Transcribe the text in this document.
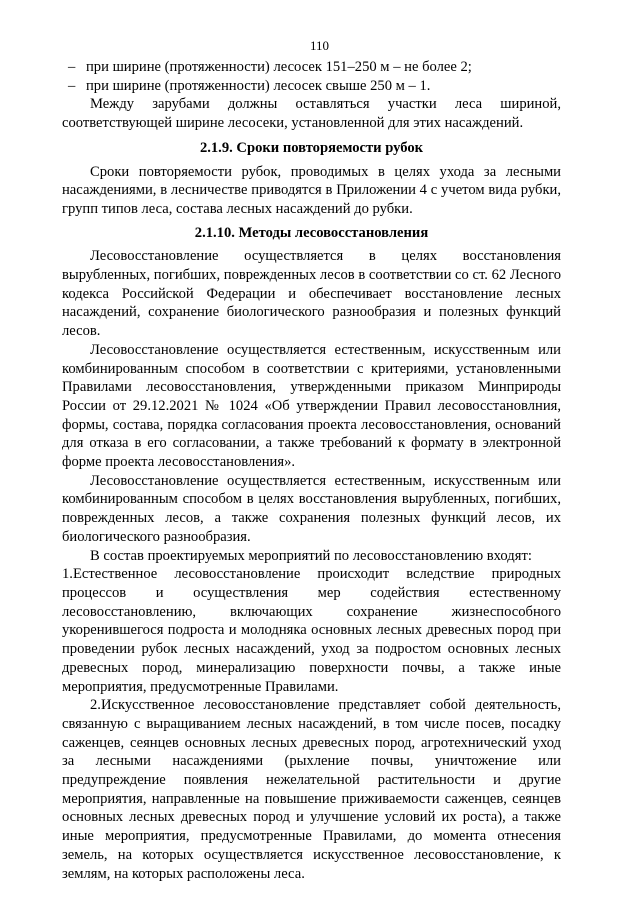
110

– при ширине (протяженности) лесосек 151–250 м – не более 2;

– при ширине (протяженности) лесосек свыше 250 м – 1.

Между зарубами должны оставляться участки леса шириной, соответствующей ширине лесосеки, установленной для этих насаждений.

2.1.9. Сроки повторяемости рубок

Сроки повторяемости рубок, проводимых в целях ухода за лесными насаждениями, в лесничестве приводятся в Приложении 4 с учетом вида рубки, групп типов леса, состава лесных насаждений до рубки.

2.1.10. Методы лесовосстановления

Лесовосстановление осуществляется в целях восстановления вырубленных, погибших, поврежденных лесов в соответствии со ст. 62 Лесного кодекса Российской Федерации и обеспечивает восстановление лесных насаждений, сохранение биологического разнообразия и полезных функций лесов.

Лесовосстановление осуществляется естественным, искусственным или комбинированным способом в соответствии с критериями, установленными Правилами лесовосстановления, утвержденными приказом Минприроды России от 29.12.2021 № 1024 «Об утверждении Правил лесовосстановлния, формы, состава, порядка согласования проекта лесовосстановления, оснований для отказа в его согласовании, а также требований к формату в электронной форме проекта лесовосстановления».

Лесовосстановление осуществляется естественным, искусственным или комбинированным способом в целях восстановления вырубленных, погибших, поврежденных лесов, а также сохранения полезных функций лесов, их биологического разнообразия.

В состав проектируемых мероприятий по лесовосстановлению входят:

1.Естественное лесовосстановление происходит вследствие природных процессов и осуществления мер содействия естественному лесовосстановлению, включающих сохранение жизнеспособного укоренившегося подроста и молодняка основных лесных древесных пород при проведении рубок лесных насаждений, уход за подростом основных лесных древесных пород, минерализацию поверхности почвы, а также иные мероприятия, предусмотренные Правилами.

2.Искусственное лесовосстановление представляет собой деятельность, связанную с выращиванием лесных насаждений, в том числе посев, посадку саженцев, сеянцев основных лесных древесных пород, агротехнический уход за лесными насаждениями (рыхление почвы, уничтожение или предупреждение появления нежелательной растительности и другие мероприятия, направленные на повышение приживаемости саженцев, сеянцев основных лесных древесных пород и улучшение условий их роста), а также иные мероприятия, предусмотренные Правилами, до момента отнесения земель, на которых осуществляется искусственное лесовосстановление, к землям, на которых расположены леса.
